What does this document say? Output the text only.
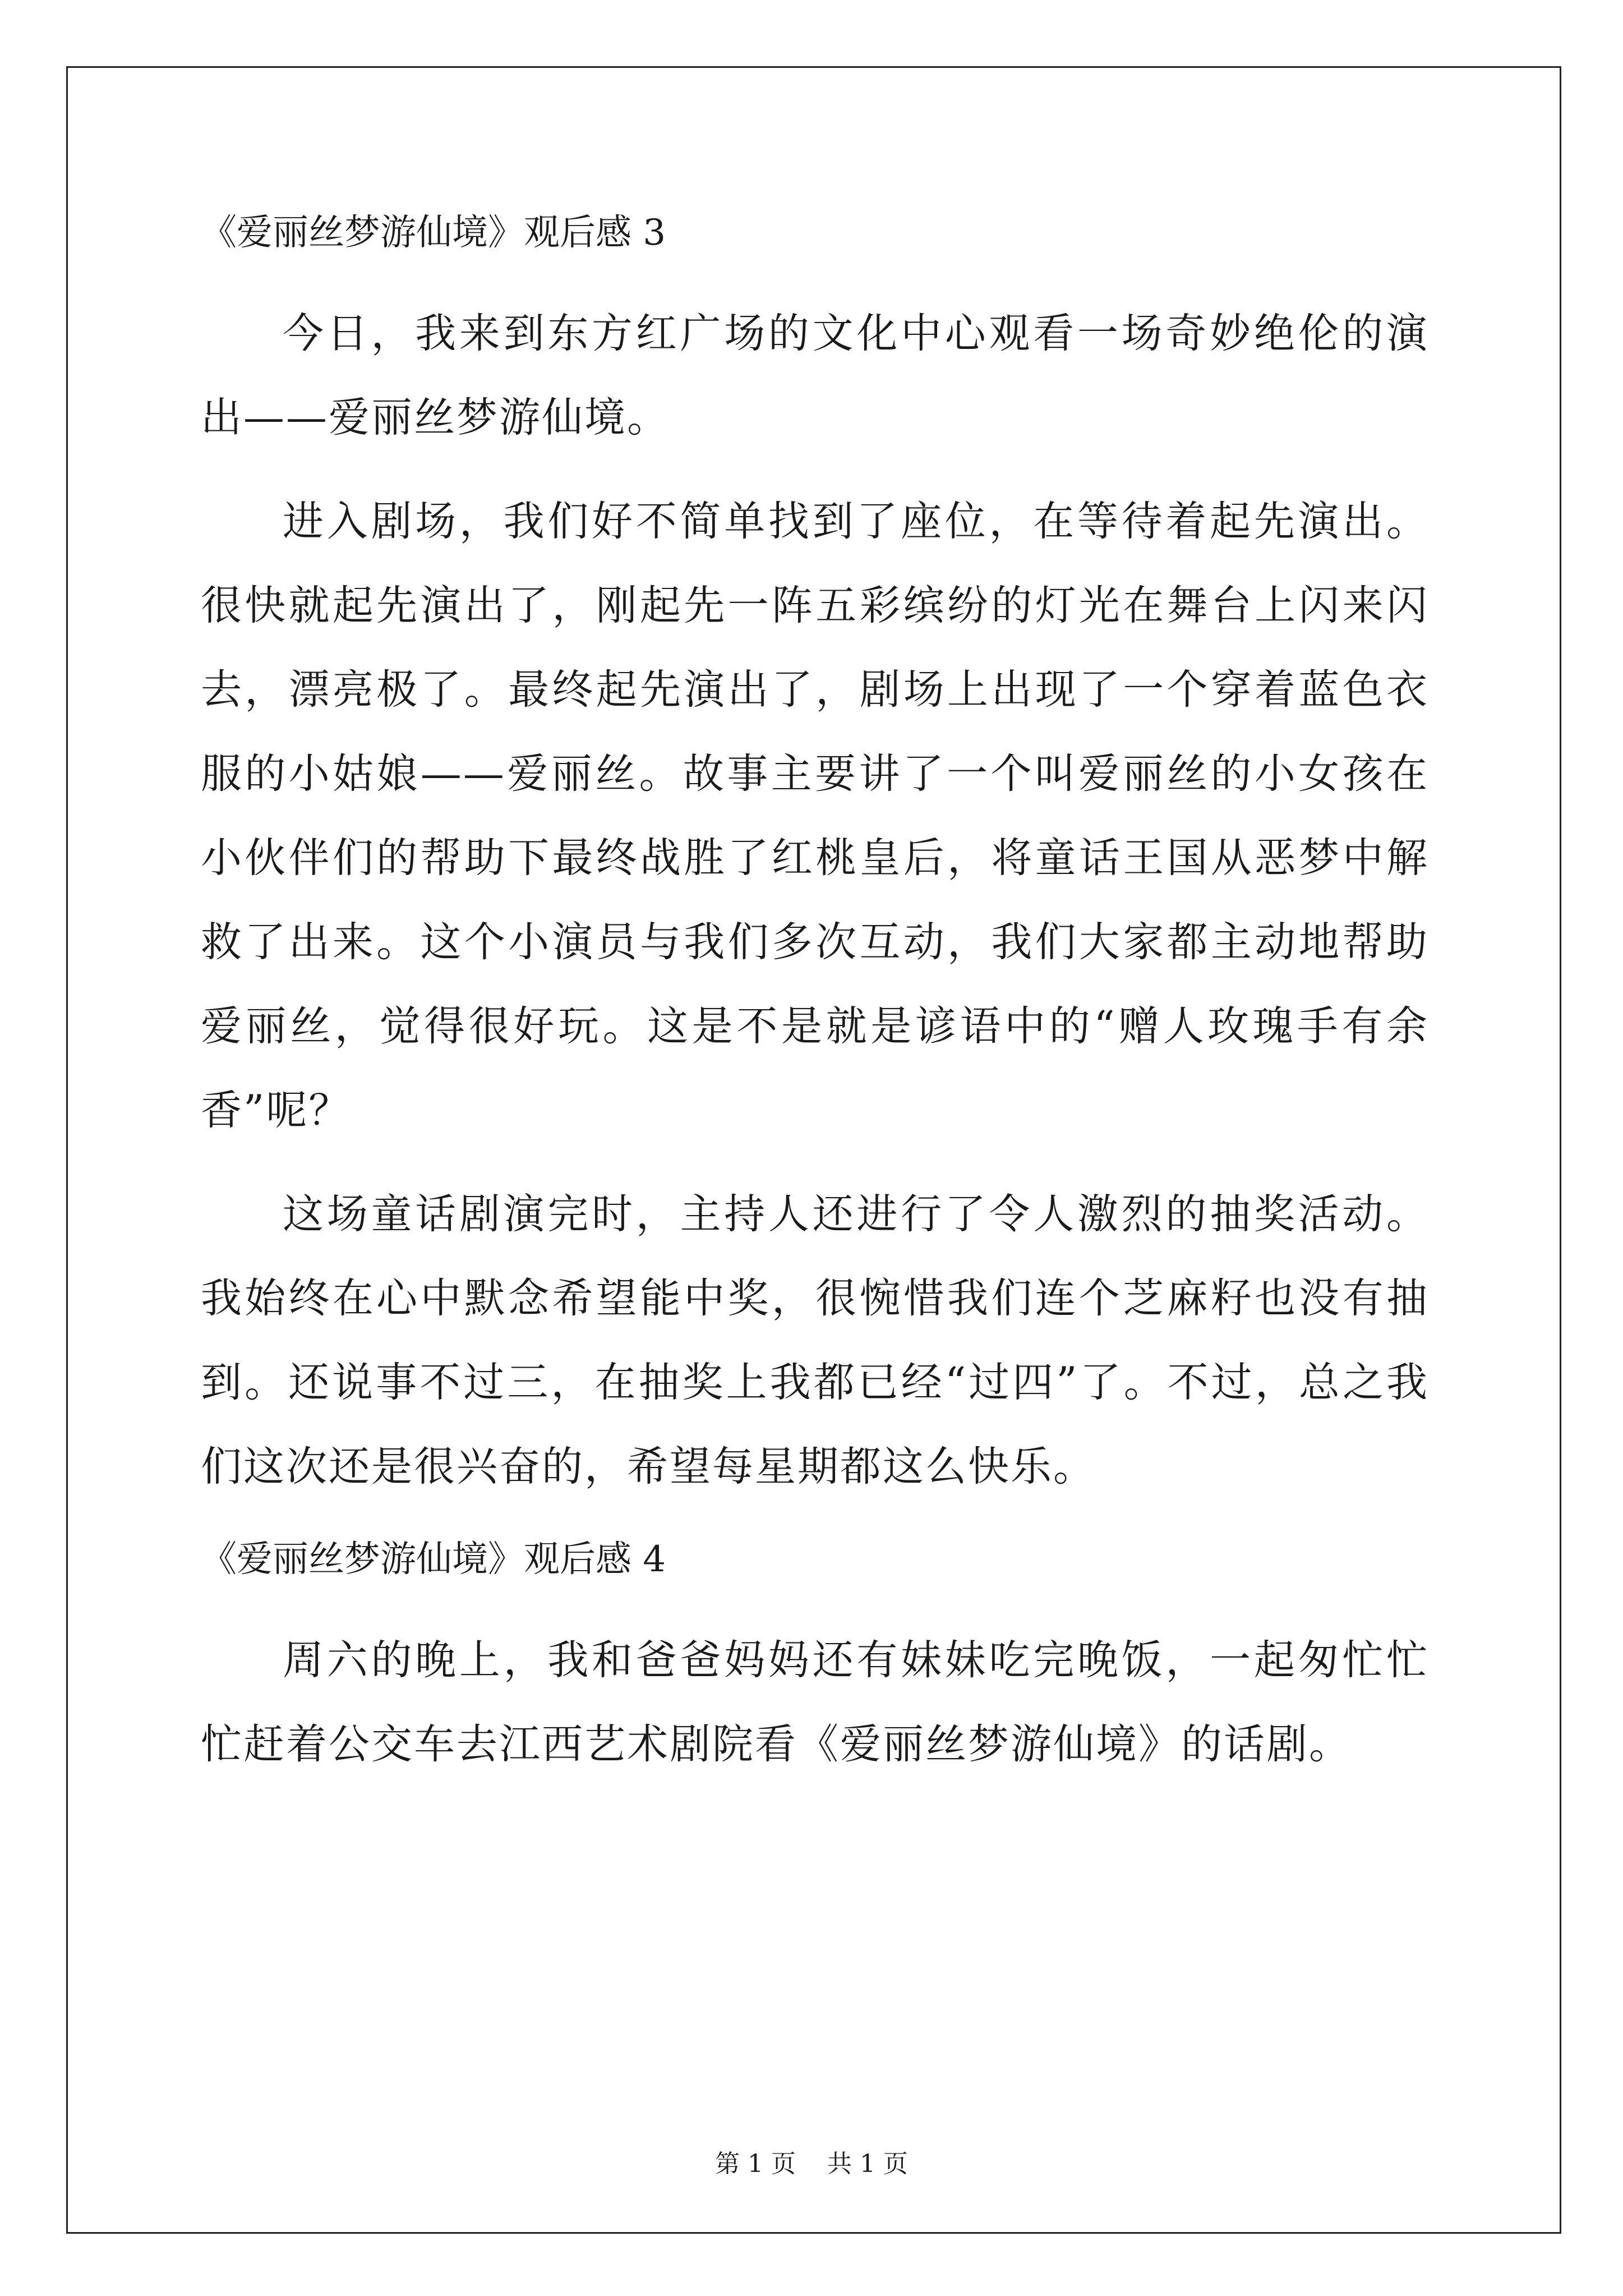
《爱丽丝梦游仙境》观后感 3

今日，我来到东方红广场的文化中心观看一场奇妙绝伦的演出——爱丽丝梦游仙境。

进入剧场，我们好不简单找到了座位，在等待着起先演出。很快就起先演出了，刚起先一阵五彩缤纷的灯光在舞台上闪来闪去，漂亮极了。最终起先演出了，剧场上出现了一个穿着蓝色衣服的小姑娘——爱丽丝。故事主要讲了一个叫爱丽丝的小女孩在小伙伴们的帮助下最终战胜了红桃皇后，将童话王国从恶梦中解救了出来。这个小演员与我们多次互动，我们大家都主动地帮助爱丽丝，觉得很好玩。这是不是就是谚语中的“赠人玫瑰手有余香”呢？

这场童话剧演完时，主持人还进行了令人激烈的抽奖活动。我始终在心中默念希望能中奖，很惋惜我们连个芝麻籽也没有抽到。还说事不过三，在抽奖上我都已经“过四”了。不过，总之我们这次还是很兴奋的，希望每星期都这么快乐。

《爱丽丝梦游仙境》观后感 4

周六的晚上，我和爸爸妈妈还有妹妹吃完晚饭，一起匆忙忙忙赶着公交车去江西艺术剧院看《爱丽丝梦游仙境》的话剧。

第 1 页    共 1 页
